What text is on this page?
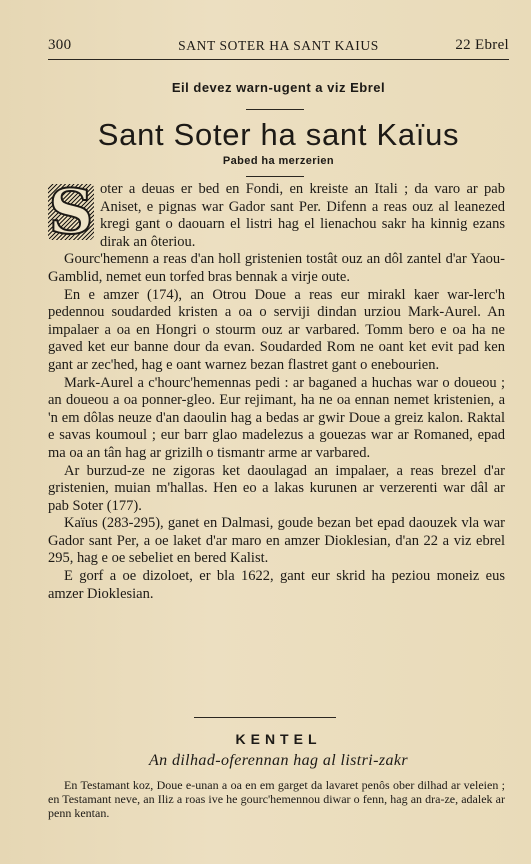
300	SANT SOTER HA SANT KAIUS	22 Ebrel
Eil devez warn-ugent a viz Ebrel
Sant Soter ha sant Kaïus
Pabed ha merzerien

S oter a deuas er bed en Fondi, en kreiste an Itali ; da varo ar pab Aniset, e pignas war Gador sant Per. Difenn a reas ouz al leanezed kregi gant o daouarn el listri hag el lienachou sakr ha kinnig ezans dirak an ôteriou.

Gourc'hemenn a reas d'an holl gristenien tostât ouz an dôl zantel d'ar Yaou-Gamblid, nemet eun torfed bras bennak a virje oute.

En e amzer (174), an Otrou Doue a reas eur mirakl kaer war-lerc'h pedennou soudarded kristen a oa o serviji dindan urziou Mark-Aurel. An impalaer a oa en Hongri o stourm ouz ar varbared. Tomm bero e oa ha ne gaved ket eur banne dour da evan. Soudarded Rom ne oant ket evit pad ken gant ar zec'hed, hag e oant warnez bezan flastret gant o enebourien.

Mark-Aurel a c'hourc'hemennas pedi : ar baganed a huchas war o doueou ; an doueou a oa ponner-gleo. Eur rejimant, ha ne oa ennan nemet kristenien, a 'n em dôlas neuze d'an daoulin hag a bedas ar gwir Doue a greiz kalon. Raktal e savas koumoul ; eur barr glao madelezus a gouezas war ar Romaned, epad ma oa an tân hag ar grizilh o tismantr arme ar varbared.

Ar burzud-ze ne zigoras ket daoulagad an impalaer, a reas brezel d'ar gristenien, muian m'hallas. Hen eo a lakas kurunen ar verzerenti war dâl ar pab Soter (177).

Kaïus (283-295), ganet en Dalmasi, goude bezan bet epad daouzek vla war Gador sant Per, a oe laket d'ar maro en amzer Dioklesian, d'an 22 a viz ebrel 295, hag e oe sebeliet en bered Kalist.

E gorf a oe dizoloet, er bla 1622, gant eur skrid ha peziou moneiz eus amzer Dioklesian.

KENTEL
An dilhad-oferennan hag al listri-zakr

En Testamant koz, Doue e-unan a oa en em garget da lavaret penôs ober dilhad ar veleien ; en Testamant neve, an Iliz a roas ive he gourc'hemennou diwar o fenn, hag an dra-ze, adalek ar penn kentan.
